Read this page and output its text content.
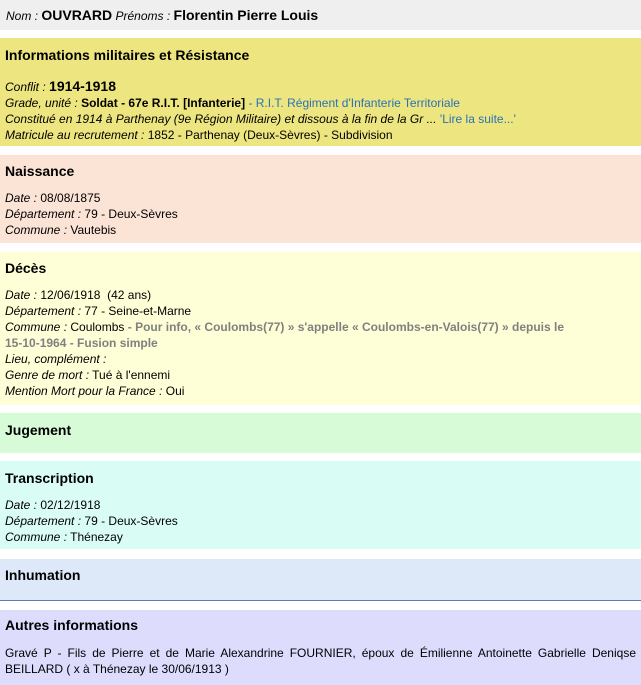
Nom : OUVRARD Prénoms : Florentin Pierre Louis
Informations militaires et Résistance
Conflit : 1914-1918
Grade, unité : Soldat - 67e R.I.T. [Infanterie] - R.I.T. Régiment d'Infanterie Territoriale
Constitué en 1914 à Parthenay (9e Région Militaire) et dissous à la fin de la Gr ... 'Lire la suite...'
Matricule au recrutement : 1852 - Parthenay (Deux-Sèvres) - Subdivision
Naissance
Date : 08/08/1875
Département : 79 - Deux-Sèvres
Commune : Vautebis
Décès
Date : 12/06/1918  (42 ans)
Département : 77 - Seine-et-Marne
Commune : Coulombs - Pour info, « Coulombs(77) » s'appelle « Coulombs-en-Valois(77) » depuis le
15-10-1964 - Fusion simple
Lieu, complément :
Genre de mort : Tué à l'ennemi
Mention Mort pour la France : Oui
Jugement
Transcription
Date : 02/12/1918
Département : 79 - Deux-Sèvres
Commune : Thénezay
Inhumation
Autres informations
Gravé P - Fils de Pierre et de Marie Alexandrine FOURNIER, époux de Émilienne Antoinette Gabrielle Deniqse BEILLARD ( x à Thénezay le 30/06/1913 )
